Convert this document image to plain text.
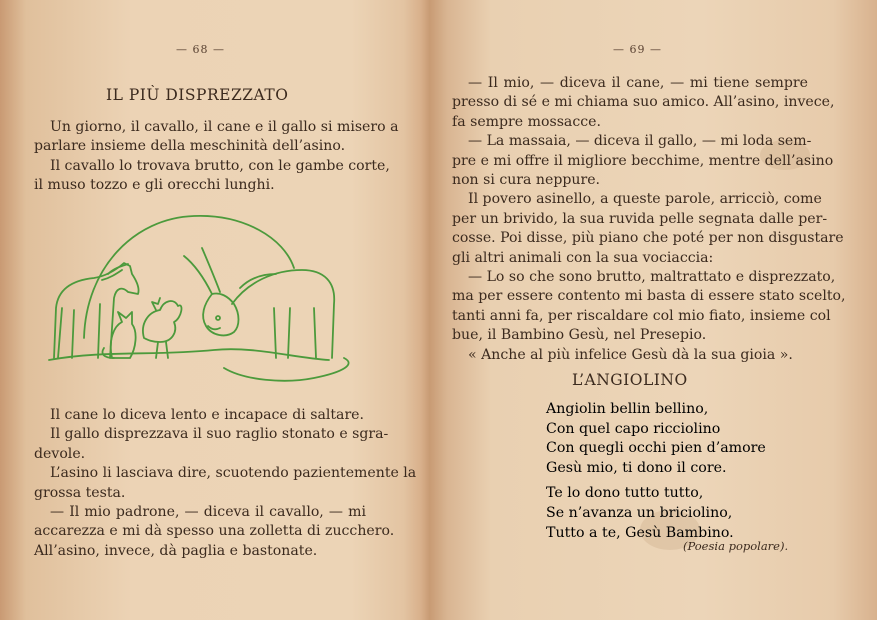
— 68 —
IL PIÙ DISPREZZATO
Un giorno, il cavallo, il cane e il gallo si misero a
parlare insieme della meschinità dell’asino.
Il cavallo lo trovava brutto, con le gambe corte,
il muso tozzo e gli orecchi lunghi.
Il cane lo diceva lento e incapace di saltare.
Il gallo disprezzava il suo raglio stonato e sgra-
devole.
L’asino li lasciava dire, scuotendo pazientemente la
grossa testa.
— Il mio padrone, — diceva il cavallo, — mi
accarezza e mi dà spesso una zolletta di zucchero.
All’asino, invece, dà paglia e bastonate.
— 69 —
— Il mio, — diceva il cane, — mi tiene sempre
presso di sé e mi chiama suo amico. All’asino, invece,
fa sempre mossacce.
— La massaia, — diceva il gallo, — mi loda sem-
pre e mi offre il migliore becchime, mentre dell’asino
non si cura neppure.
Il povero asinello, a queste parole, arricciò, come
per un brivido, la sua ruvida pelle segnata dalle per-
cosse. Poi disse, più piano che poté per non disgustare
gli altri animali con la sua vociaccia:
— Lo so che sono brutto, maltrattato e disprezzato,
ma per essere contento mi basta di essere stato scelto,
tanti anni fa, per riscaldare col mio fiato, insieme col
bue, il Bambino Gesù, nel Presepio.
« Anche al più infelice Gesù dà la sua gioia ».
L’ANGIOLINO
Angiolin bellin bellino,
Con quel capo ricciolino
Con quegli occhi pien d’amore
Gesù mio, ti dono il core.
Te lo dono tutto tutto,
Se n’avanza un briciolino,
Tutto a te, Gesù Bambino.
(Poesia popolare).
